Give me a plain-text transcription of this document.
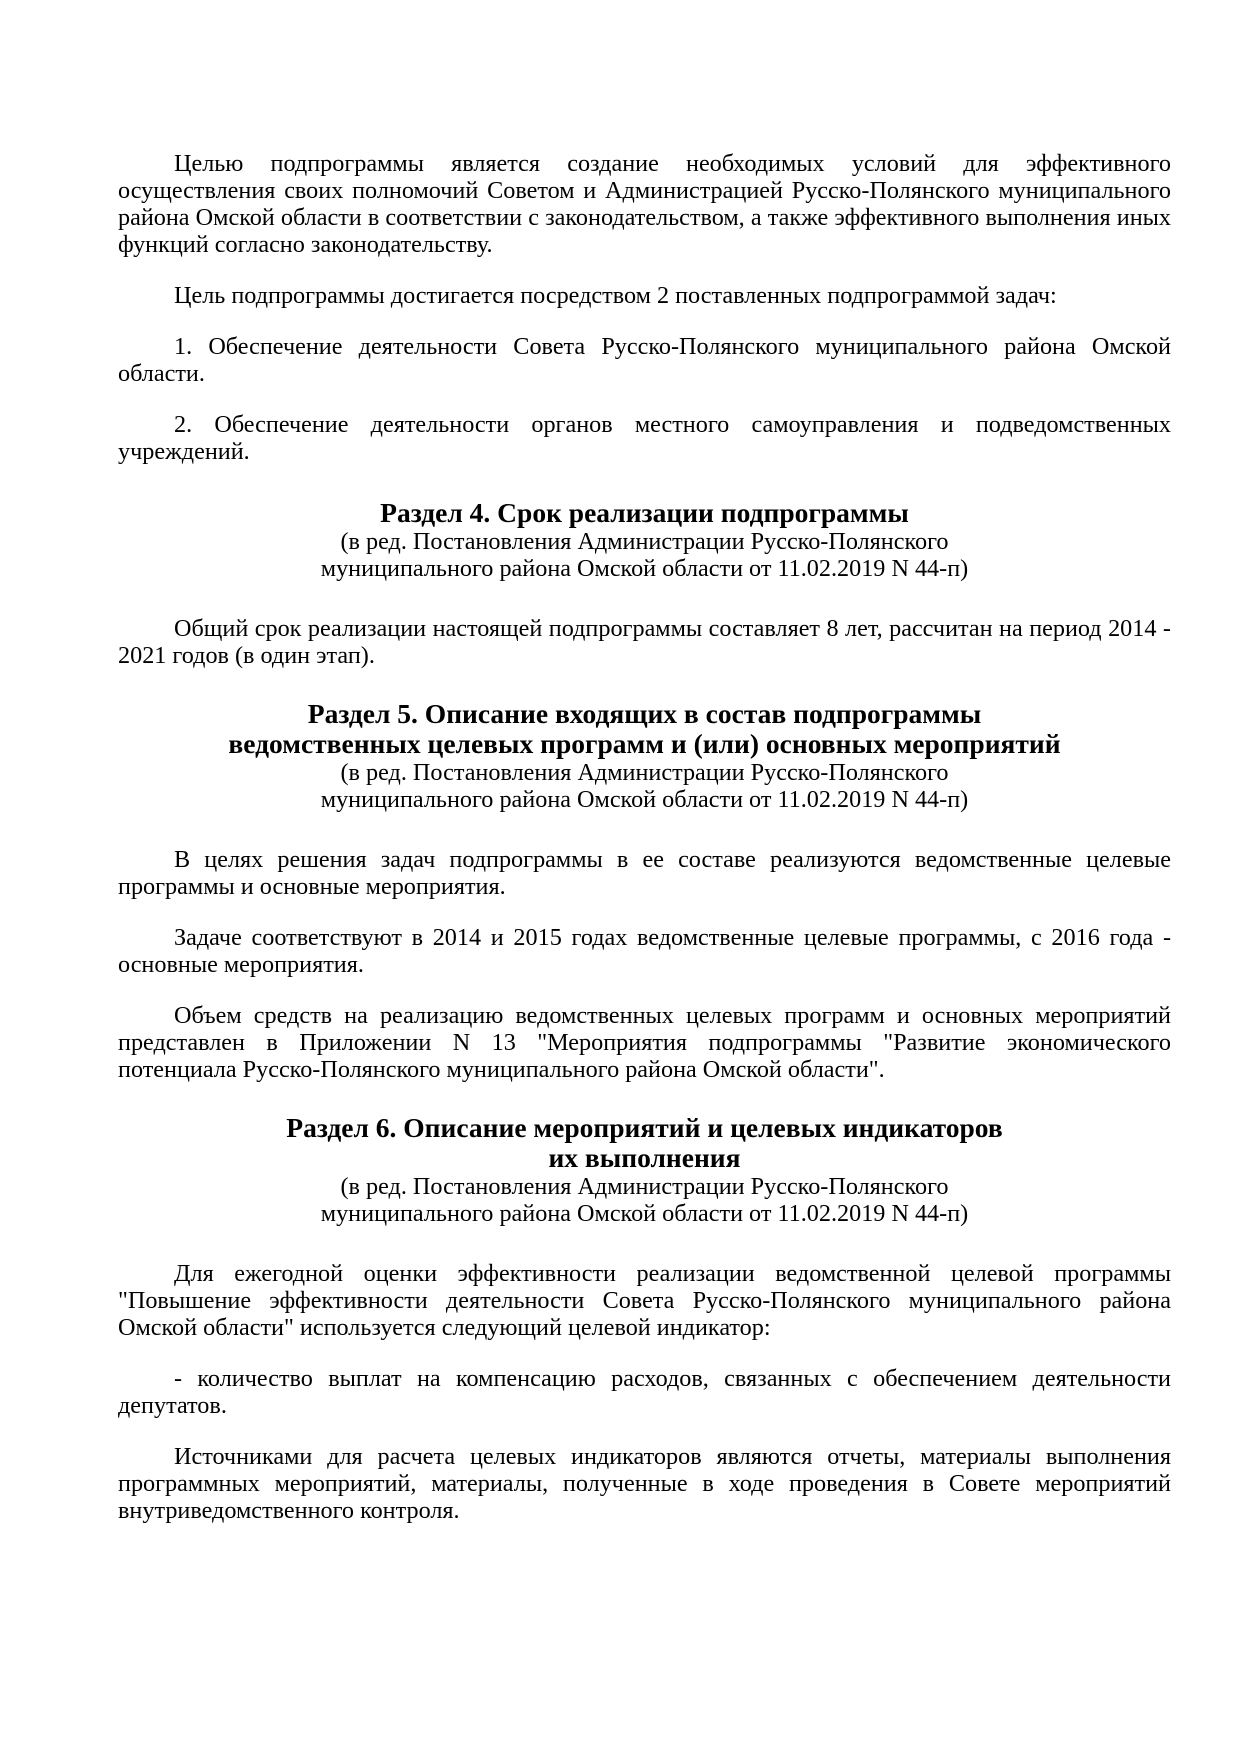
Целью подпрограммы является создание необходимых условий для эффективного осуществления своих полномочий Советом и Администрацией Русско-Полянского муниципального района Омской области в соответствии с законодательством, а также эффективного выполнения иных функций согласно законодательству.

Цель подпрограммы достигается посредством 2 поставленных подпрограммой задач:

1. Обеспечение деятельности Совета Русско-Полянского муниципального района Омской области.

2. Обеспечение деятельности органов местного самоуправления и подведомственных учреждений.

Раздел 4. Срок реализации подпрограммы
(в ред. Постановления Администрации Русско-Полянского
муниципального района Омской области от 11.02.2019 N 44-п)

Общий срок реализации настоящей подпрограммы составляет 8 лет, рассчитан на период 2014 - 2021 годов (в один этап).

Раздел 5. Описание входящих в состав подпрограммы
ведомственных целевых программ и (или) основных мероприятий
(в ред. Постановления Администрации Русско-Полянского
муниципального района Омской области от 11.02.2019 N 44-п)

В целях решения задач подпрограммы в ее составе реализуются ведомственные целевые программы и основные мероприятия.

Задаче соответствуют в 2014 и 2015 годах ведомственные целевые программы, с 2016 года - основные мероприятия.

Объем средств на реализацию ведомственных целевых программ и основных мероприятий представлен в Приложении N 13 "Мероприятия подпрограммы "Развитие экономического потенциала Русско-Полянского муниципального района Омской области".

Раздел 6. Описание мероприятий и целевых индикаторов
их выполнения
(в ред. Постановления Администрации Русско-Полянского
муниципального района Омской области от 11.02.2019 N 44-п)

Для ежегодной оценки эффективности реализации ведомственной целевой программы "Повышение эффективности деятельности Совета Русско-Полянского муниципального района Омской области" используется следующий целевой индикатор:

- количество выплат на компенсацию расходов, связанных с обеспечением деятельности депутатов.

Источниками для расчета целевых индикаторов являются отчеты, материалы выполнения программных мероприятий, материалы, полученные в ходе проведения в Совете мероприятий внутриведомственного контроля.
